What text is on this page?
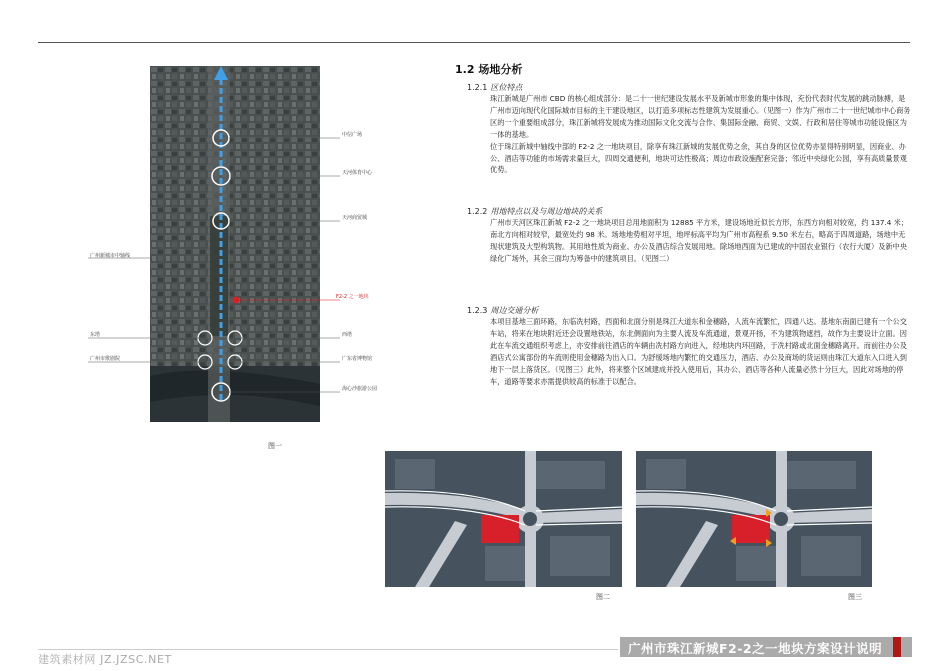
广州新城市中轴线
东塔
广州市歌剧院
中信广场
天河体育中心
天河商贸城
F2-2 之一地块
西塔
广东省博物馆
海心沙旅游公园
图一
1.2 场地分析
1.2.1 区位特点

珠江新城是广州市 CBD 的核心组成部分：是二十一世纪建设发展水平及新城市形象的集中体现，充份代表时代发展的跳动脉搏，是广州市迈向现代化国际城市目标的主干建设地区，以打造多项标志性建筑为发展重心。（见图一）作为广州市二十一世纪城市中心商务区的一个重要组成部分，珠江新城将发展成为推动国际文化交流与合作、集国际金融、商贸、文娱、行政和居住等城市功能设施区为一体的基地。

位于珠江新城中轴线中部的 F2-2 之一地块项目，除享有珠江新城的发展优势之余，其自身的区位优势亦显得特别明显，因商业、办公、酒店等功能的市场需求量巨大，四周交通便利，地块可达性极高；周边市政设施配套完备；邻近中央绿化公园，享有高质量景观优势。

1.2.2 用地特点以及与周边地块的关系

广州市天河区珠江新城 F2-2 之一地块项目总用地面积为 12885 平方米，建设场地近似长方形，东西方向相对较宽，约 137.4 米；南北方向相对较窄，最宽处约 98 米。场地地势相对平坦，地坪标高平均为广州市高程系 9.50 米左右，略高于四周道路，场地中无现状建筑及大型构筑物。其用地性质为商业、办公及酒店综合发展用地。除场地西面为已建成的中国农业银行（农行大厦）及新中央绿化广场外，其余三面均为筹备中的建筑项目。（见图二）

1.2.3 周边交通分析

本项目基地三面环路，东临冼村路，西面和北面分别是珠江大道东和金穗路，人流车流繁忙，四通八达。基地东南面已建有一个公交车站，将来在地块附近还会设置地铁站，东北侧面向为主要人流及车流通道，景观开扬，不为建筑物遮挡，故作为主要设计立面。因此在车流交通组织考虑上，亦安排前往酒店的车辆由冼村路方向进入，经地块内环回路，于冼村路或北面金穗路离开。而前往办公及酒店式公寓部份的车流则使用金穗路为出入口。为舒缓场地内繁忙的交通压力，酒店、办公及商场的货运则由珠江大道东入口进入到地下一层上落货区。（见图三）此外，将来整个区域建成并投入使用后，其办公、酒店等各种人流量必然十分巨大，因此对场地的停车，道路等要求亦需提供较高的标准于以配合。

图二	图三
建筑素材网 JZ.JZSC.NET
广州市珠江新城F2-2之一地块方案设计说明
